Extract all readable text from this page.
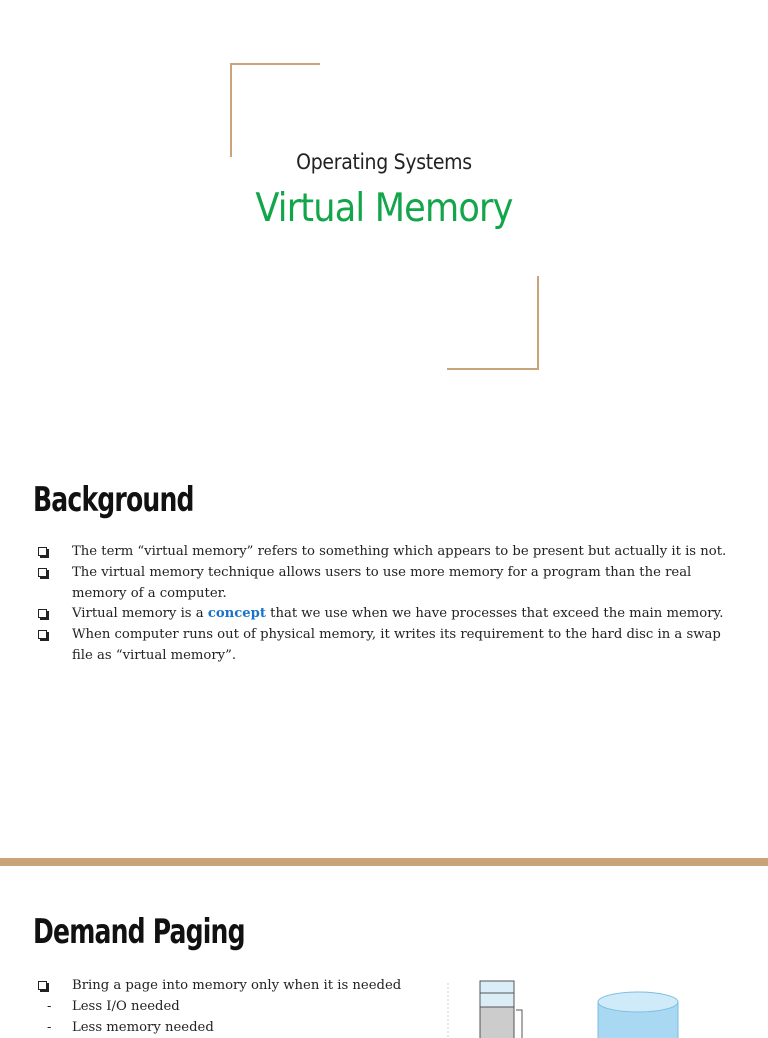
Operating Systems
Virtual Memory
Background
The term “virtual memory” refers to something which appears to be present but actually it is not.
The virtual memory technique allows users to use more memory for a program than the real memory of a computer.
Virtual memory is a concept that we use when we have processes that exceed the main memory.
When computer runs out of physical memory, it writes its requirement to the hard disc in a swap file as “virtual memory”.
Demand Paging
Bring a page into memory only when it is needed
- Less I/O needed
- Less memory needed
